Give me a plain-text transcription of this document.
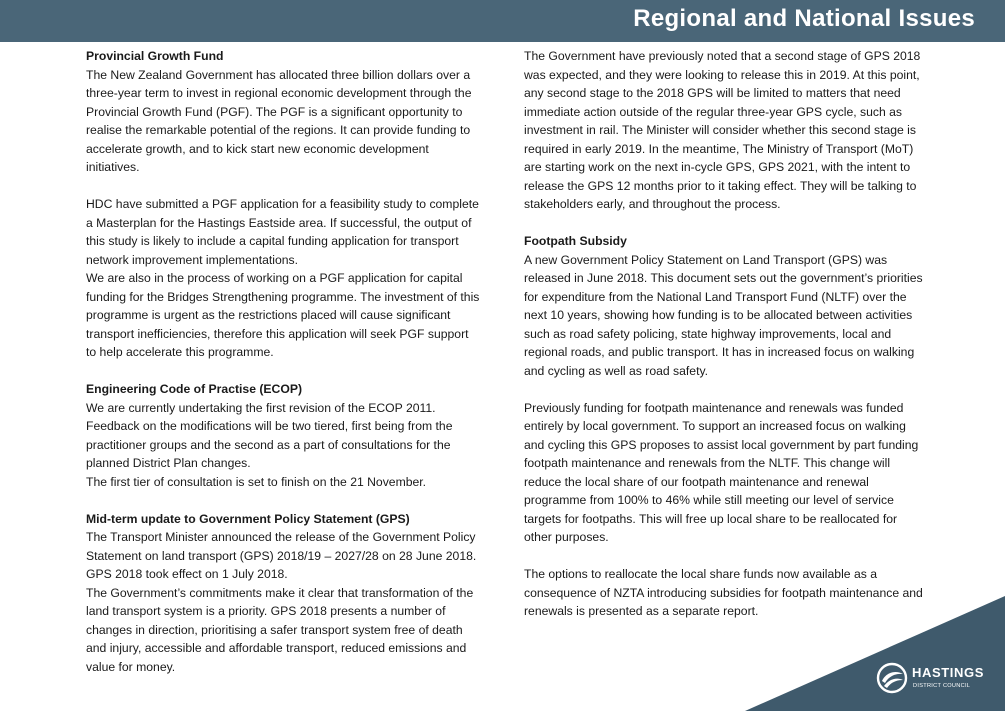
Regional and National Issues

Provincial Growth Fund

The New Zealand Government has allocated three billion dollars over a three-year term to invest in regional economic development through the Provincial Growth Fund (PGF). The PGF is a significant opportunity to realise the remarkable potential of the regions. It can provide funding to accelerate growth, and to kick start new economic development initiatives.

HDC have submitted a PGF application for a feasibility study to complete a Masterplan for the Hastings Eastside area. If successful, the output of this study is likely to include a capital funding application for transport network improvement implementations.

We are also in the process of working on a PGF application for capital funding for the Bridges Strengthening programme. The investment of this programme is urgent as the restrictions placed will cause significant transport inefficiencies, therefore this application will seek PGF support to help accelerate this programme.

Engineering Code of Practise (ECOP)

We are currently undertaking the first revision of the ECOP 2011. Feedback on the modifications will be two tiered, first being from the practitioner groups and the second as a part of consultations for the planned District Plan changes.

The first tier of consultation is set to finish on the 21 November.

Mid-term update to Government Policy Statement (GPS)

The Transport Minister announced the release of the Government Policy Statement on land transport (GPS) 2018/19 – 2027/28 on 28 June 2018. GPS 2018 took effect on 1 July 2018.

The Government’s commitments make it clear that transformation of the land transport system is a priority. GPS 2018 presents a number of changes in direction, prioritising a safer transport system free of death and injury, accessible and affordable transport, reduced emissions and value for money.

The Government have previously noted that a second stage of GPS 2018 was expected, and they were looking to release this in 2019. At this point, any second stage to the 2018 GPS will be limited to matters that need immediate action outside of the regular three-year GPS cycle, such as investment in rail. The Minister will consider whether this second stage is required in early 2019. In the meantime, The Ministry of Transport (MoT) are starting work on the next in-cycle GPS, GPS 2021, with the intent to release the GPS 12 months prior to it taking effect. They will be talking to stakeholders early, and throughout the process.

Footpath Subsidy

A new Government Policy Statement on Land Transport (GPS) was released in June 2018. This document sets out the government’s priorities for expenditure from the National Land Transport Fund (NLTF) over the next 10 years, showing how funding is to be allocated between activities such as road safety policing, state highway improvements, local and regional roads, and public transport. It has in increased focus on walking and cycling as well as road safety.

Previously funding for footpath maintenance and renewals was funded entirely by local government. To support an increased focus on walking and cycling this GPS proposes to assist local government by part funding footpath maintenance and renewals from the NLTF. This change will reduce the local share of our footpath maintenance and renewal programme from 100% to 46% while still meeting our level of service targets for footpaths. This will free up local share to be reallocated for other purposes.

The options to reallocate the local share funds now available as a consequence of NZTA introducing subsidies for footpath maintenance and renewals is presented as a separate report.

HASTINGS
DISTRICT COUNCIL
